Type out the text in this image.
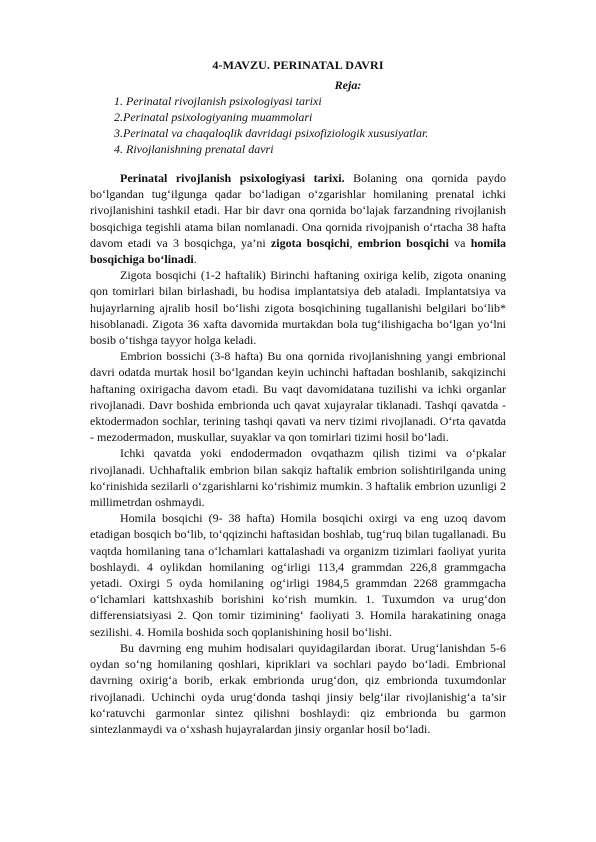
4-MAVZU. PERINATAL DAVRI
Reja:
1. Perinatal rivojlanish psixologiyasi tarixi
2.Perinatal psixologiyaning muammolari
3.Perinatal va chaqaloqlik davridagi psixofiziologik xususiyatlar.
4. Rivojlanishning prenatal davri

Perinatal rivojlanish psixologiyasi tarixi. Bolaning ona qornida paydo boʻlgandan tugʻilgunga qadar boʻladigan oʻzgarishlar homilaning prenatal ichki rivojlanishini tashkil etadi. Har bir davr ona qornida boʻlajak farzandning rivojlanish bosqichiga tegishli atama bilan nomlanadi. Ona qornida rivojpanish oʻrtacha 38 hafta davom etadi va 3 bosqichga, ya’ni zigota bosqichi, embrion bosqichi va homila bosqichiga boʻlinadi.

Zigota bosqichi (1-2 haftalik) Birinchi haftaning oxiriga kelib, zigota onaning qon tomirlari bilan birlashadi, bu hodisa implantatsiya deb ataladi. Implantatsiya va hujayrlarning ajralib hosil boʻlishi zigota bosqichining tugallanishi belgilari boʻlib* hisoblanadi. Zigota 36 xafta davomida murtakdan bola tugʻilishigacha boʻlgan yoʻlni bosib oʻtishga tayyor holga keladi.

Embrion bossichi (3-8 hafta) Bu ona qornida rivojlanishning yangi embrional davri odatda murtak hosil boʻlgandan keyin uchinchi haftadan boshlanib, sakqizinchi haftaning oxirigacha davom etadi. Bu vaqt davomidatana tuzilishi va ichki organlar rivojlanadi. Davr boshida embrionda uch qavat xujayralar tiklanadi. Tashqi qavatda - ektodermadon sochlar, terining tashqi qavati va nerv tizimi rivojlanadi. Oʻrta qavatda - mezodermadon, muskullar, suyaklar va qon tomirlari tizimi hosil boʻladi.

Ichki qavatda yoki endodermadon ovqathazm qilish tizimi va oʻpkalar rivojlanadi. Uchhaftalik embrion bilan sakqiz haftalik embrion solishtirilganda uning koʻrinishida sezilarli oʻzgarishlarni koʻrishimiz mumkin. 3 haftalik embrion uzunligi 2 millimetrdan oshmaydi.

Homila bosqichi (9- 38 hafta) Homila bosqichi oxirgi va eng uzoq davom etadigan bosqich boʻlib, toʻqqizinchi haftasidan boshlab, tugʻruq bilan tugallanadi. Bu vaqtda homilaning tana oʻlchamlari kattalashadi va organizm tizimlari faoliyat yurita boshlaydi. 4 oylikdan homilaning ogʻirligi 113,4 grammdan 226,8 grammgacha yetadi. Oxirgi 5 oyda homilaning ogʻirligi 1984,5 grammdan 2268 grammgacha oʻlchamlari kattshxashib borishini koʻrish mumkin. 1. Tuxumdon va urugʻdon differensiatsiyasi 2. Qon tomir tizimining‘ faoliyati 3. Homila harakatining onaga sezilishi. 4. Homila boshida soch qoplanishining hosil boʻlishi.

Bu davrning eng muhim hodisalari quyidagilardan iborat. Urugʻlanishdan 5-6 oydan soʻng homilaning qoshlari, kipriklari va sochlari paydo boʻladi. Embrional davrning oxirigʻa borib, erkak embrionda urugʻdon, qiz embrionda tuxumdonlar rivojlanadi. Uchinchi oyda urugʻdonda tashqi jinsiy belgʻilar rivojlanishigʻa ta’sir koʻratuvchi garmonlar sintez qilishni boshlaydi: qiz embrionda bu garmon sintezlanmaydi va oʻxshash hujayralardan jinsiy organlar hosil boʻladi.
